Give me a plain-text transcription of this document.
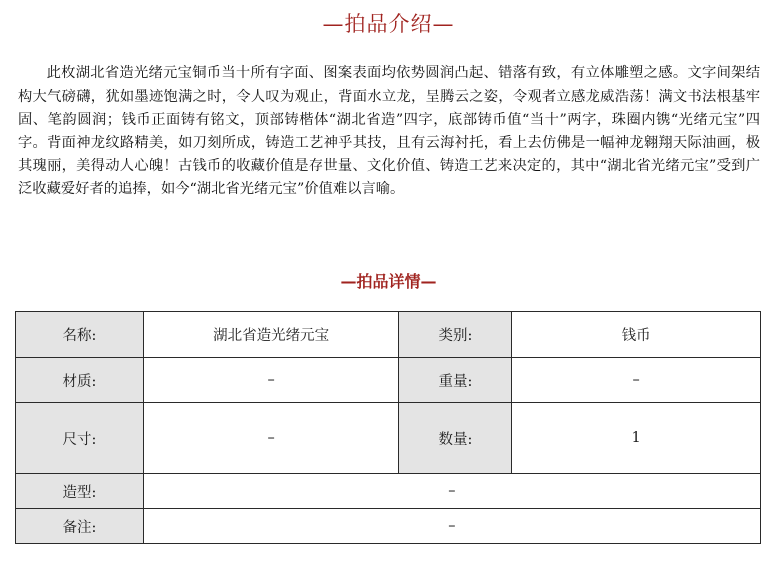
—拍品介绍—

此枚湖北省造光绪元宝铜币当十所有字面、图案表面均依势圆润凸起、错落有致，有立体雕塑之感。文字间架结构大气磅礴，犹如墨迹饱满之时，令人叹为观止，背面水立龙，呈腾云之姿，令观者立感龙威浩荡！满文书法根基牢固、笔韵圆润；钱币正面铸有铭文，顶部铸楷体“湖北省造”四字，底部铸币值“当十”两字，珠圈内镌“光绪元宝”四字。背面神龙纹路精美，如刀刻所成，铸造工艺神乎其技，且有云海衬托，看上去仿佛是一幅神龙翱翔天际油画，极其瑰丽，美得动人心魄！古钱币的收藏价值是存世量、文化价值、铸造工艺来决定的，其中“湖北省光绪元宝”受到广泛收藏爱好者的追捧，如今“湖北省光绪元宝”价值难以言喻。

—拍品详情—
名称:	湖北省造光绪元宝	类别:	钱币
材质:	–	重量:	–
尺寸:	–	数量:	1
造型:	–		
备注:	–		
